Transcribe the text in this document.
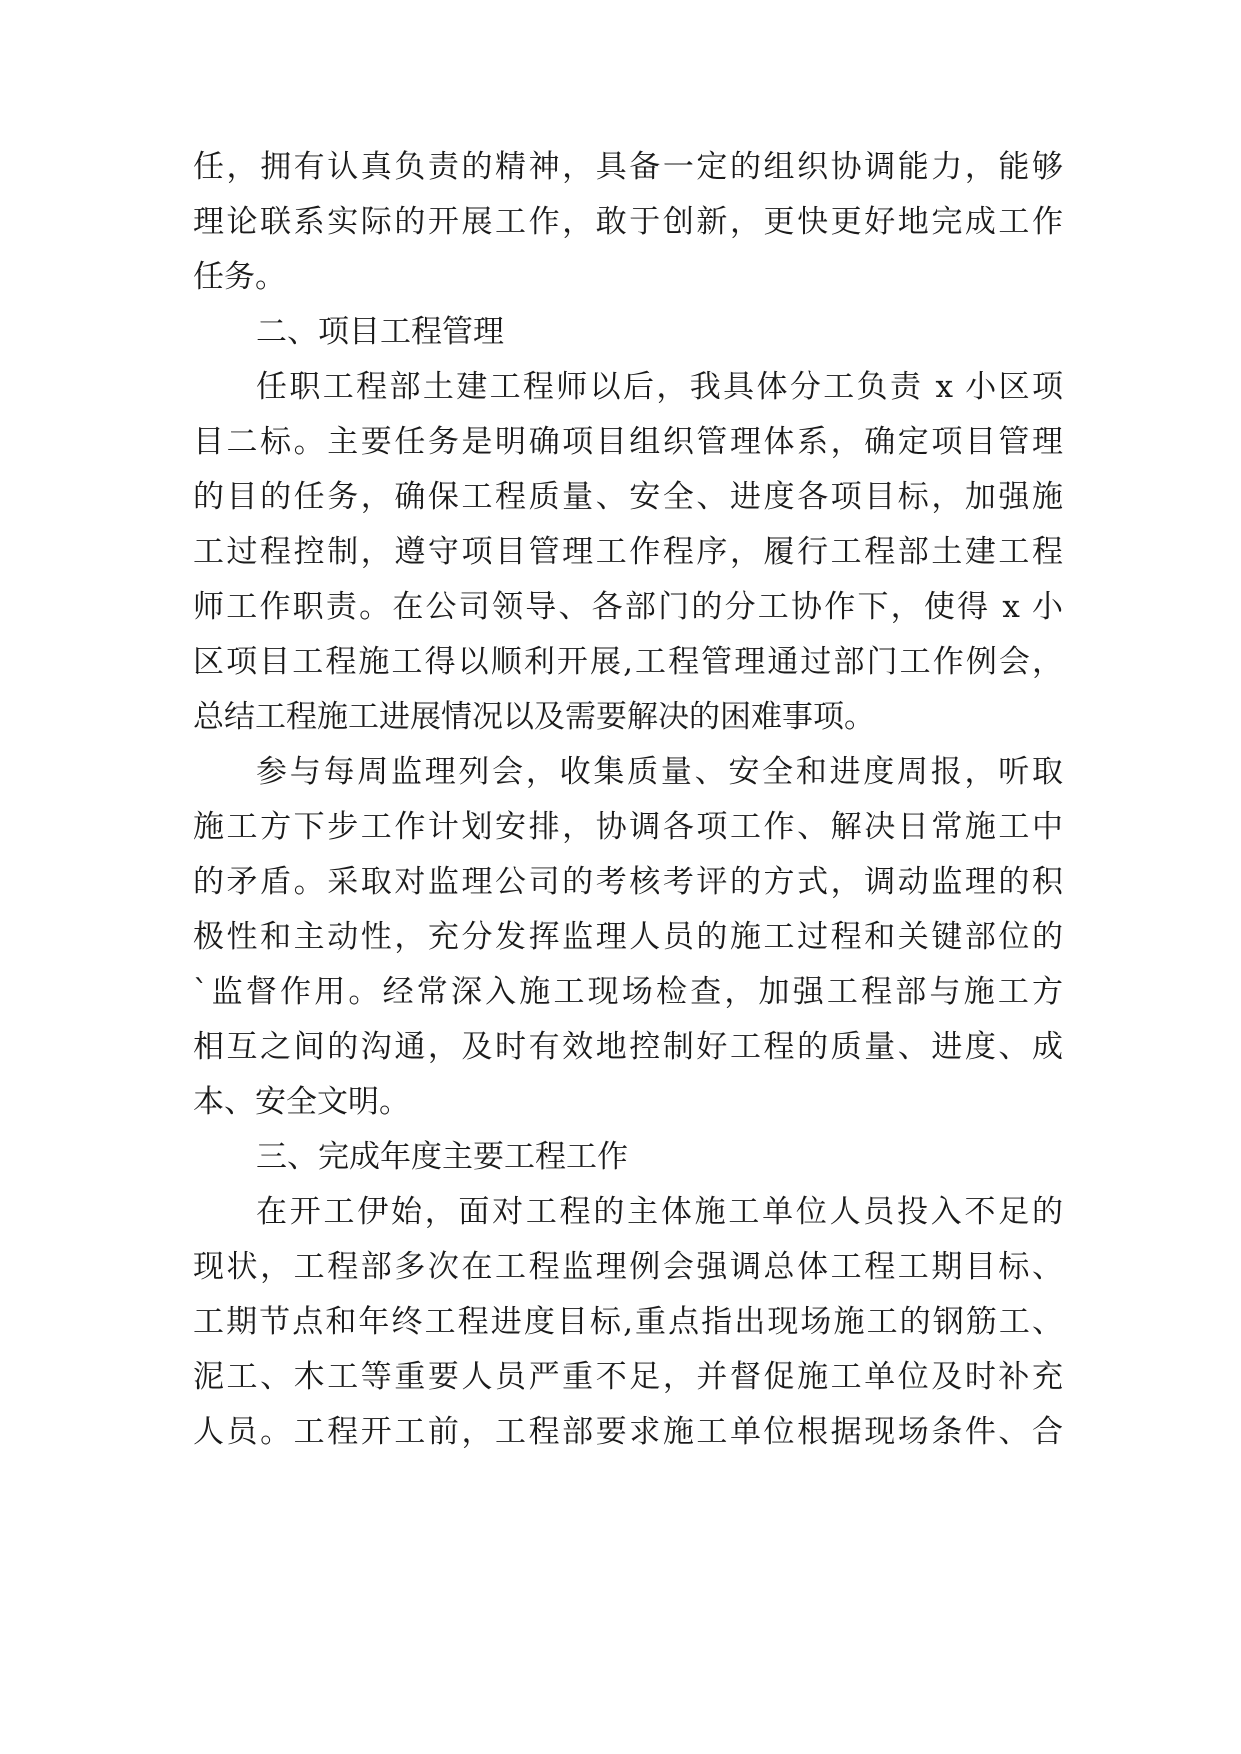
任，拥有认真负责的精神，具备一定的组织协调能力，能够
理论联系实际的开展工作，敢于创新，更快更好地完成工作
任务。
二、项目工程管理
任职工程部土建工程师以后，我具体分工负责 x 小区项
目二标。主要任务是明确项目组织管理体系，确定项目管理
的目的任务，确保工程质量、安全、进度各项目标，加强施
工过程控制，遵守项目管理工作程序，履行工程部土建工程
师工作职责。在公司领导、各部门的分工协作下，使得 x 小
区项目工程施工得以顺利开展,工程管理通过部门工作例会，
总结工程施工进展情况以及需要解决的困难事项。
参与每周监理列会，收集质量、安全和进度周报，听取
施工方下步工作计划安排，协调各项工作、解决日常施工中
的矛盾。采取对监理公司的考核考评的方式，调动监理的积
极性和主动性，充分发挥监理人员的施工过程和关键部位的
`监督作用。经常深入施工现场检查，加强工程部与施工方
相互之间的沟通，及时有效地控制好工程的质量、进度、成
本、安全文明。
三、完成年度主要工程工作
在开工伊始，面对工程的主体施工单位人员投入不足的
现状，工程部多次在工程监理例会强调总体工程工期目标、
工期节点和年终工程进度目标,重点指出现场施工的钢筋工、
泥工、木工等重要人员严重不足，并督促施工单位及时补充
人员。工程开工前，工程部要求施工单位根据现场条件、合
